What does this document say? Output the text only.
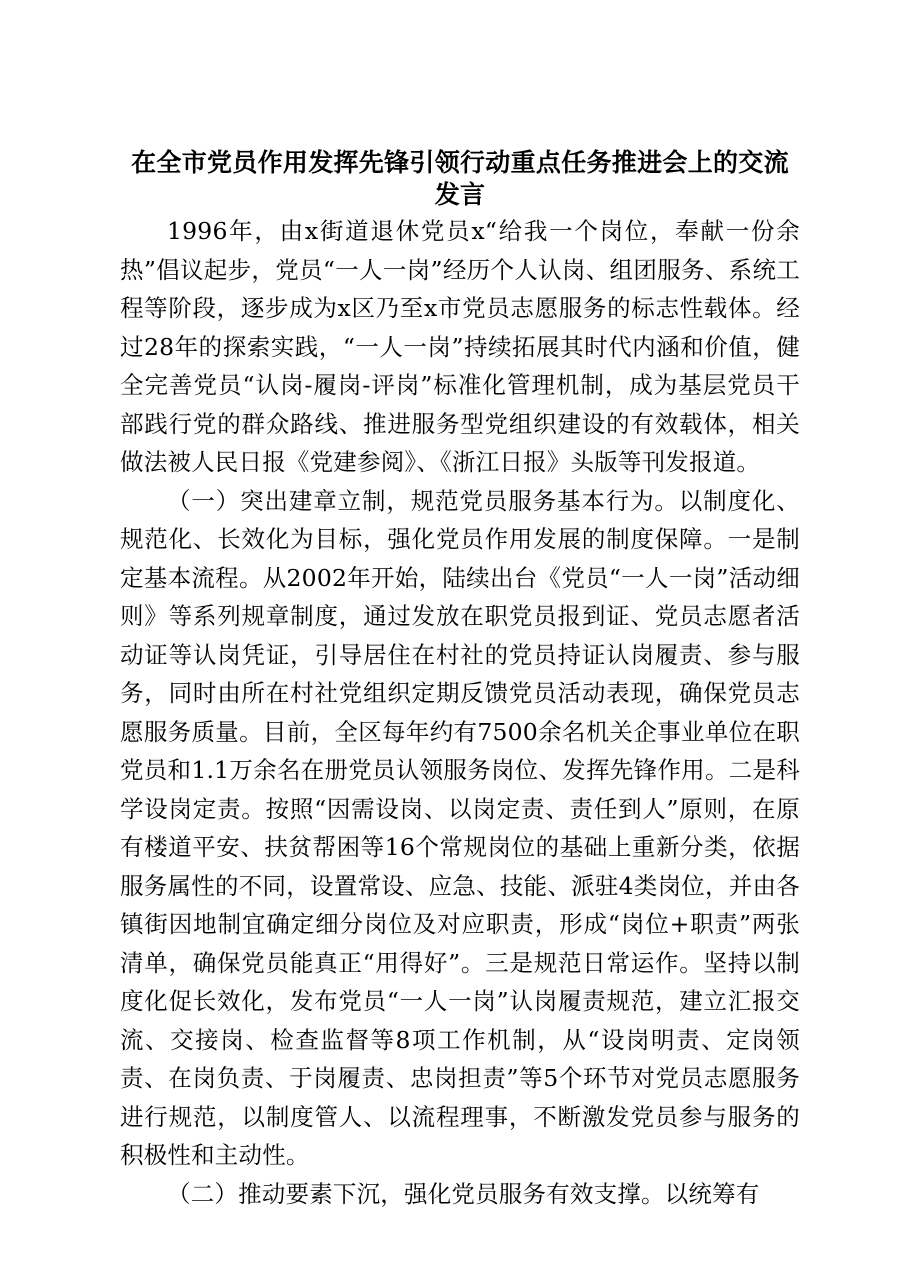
在全市党员作用发挥先锋引领行动重点任务推进会上的交流发言

1996年，由x街道退休党员x“给我一个岗位，奉献一份余热”倡议起步，党员“一人一岗”经历个人认岗、组团服务、系统工程等阶段，逐步成为x区乃至x市党员志愿服务的标志性载体。经过28年的探索实践，“一人一岗”持续拓展其时代内涵和价值，健全完善党员“认岗-履岗-评岗”标准化管理机制，成为基层党员干部践行党的群众路线、推进服务型党组织建设的有效载体，相关做法被人民日报《党建参阅》、《浙江日报》头版等刊发报道。

（一）突出建章立制，规范党员服务基本行为。以制度化、规范化、长效化为目标，强化党员作用发展的制度保障。一是制定基本流程。从2002年开始，陆续出台《党员“一人一岗”活动细则》等系列规章制度，通过发放在职党员报到证、党员志愿者活动证等认岗凭证，引导居住在村社的党员持证认岗履责、参与服务，同时由所在村社党组织定期反馈党员活动表现，确保党员志愿服务质量。目前，全区每年约有7500余名机关企事业单位在职党员和1.1万余名在册党员认领服务岗位、发挥先锋作用。二是科学设岗定责。按照“因需设岗、以岗定责、责任到人”原则，在原有楼道平安、扶贫帮困等16个常规岗位的基础上重新分类，依据服务属性的不同，设置常设、应急、技能、派驻4类岗位，并由各镇街因地制宜确定细分岗位及对应职责，形成“岗位+职责”两张清单，确保党员能真正“用得好”。三是规范日常运作。坚持以制度化促长效化，发布党员“一人一岗”认岗履责规范，建立汇报交流、交接岗、检查监督等8项工作机制，从“设岗明责、定岗领责、在岗负责、于岗履责、忠岗担责”等5个环节对党员志愿服务进行规范，以制度管人、以流程理事，不断激发党员参与服务的积极性和主动性。

（二）推动要素下沉，强化党员服务有效支撑。以统筹有
